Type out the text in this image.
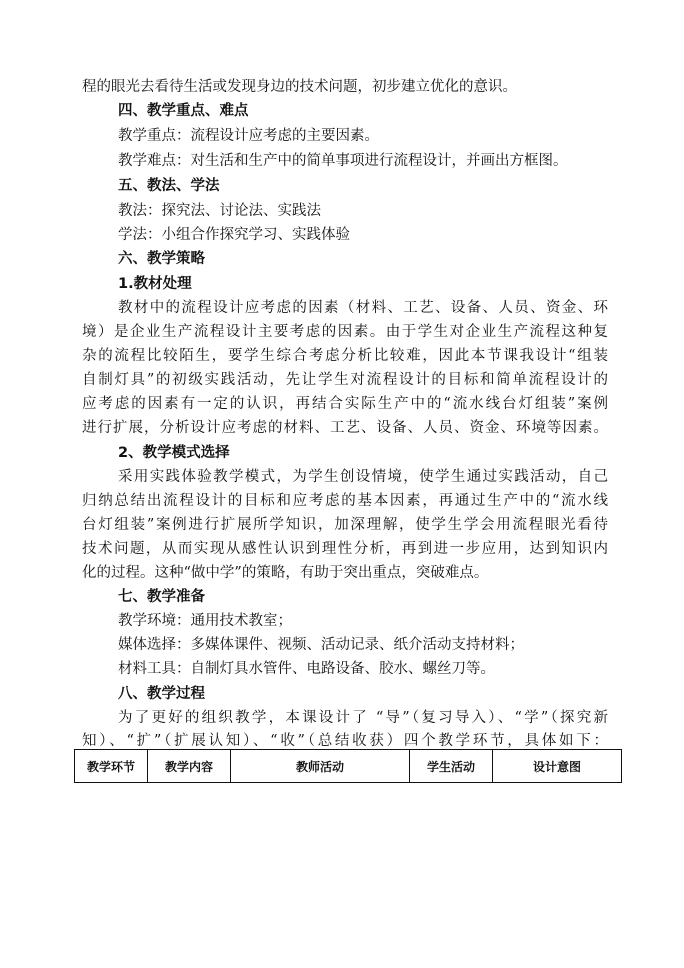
程的眼光去看待生活或发现身边的技术问题，初步建立优化的意识。
四、教学重点、难点
教学重点：流程设计应考虑的主要因素。
教学难点：对生活和生产中的简单事项进行流程设计，并画出方框图。
五、教法、学法
教法：探究法、讨论法、实践法
学法：小组合作探究学习、实践体验
六、教学策略
1.教材处理
教材中的流程设计应考虑的因素（材料、工艺、设备、人员、资金、环
境）是企业生产流程设计主要考虑的因素。由于学生对企业生产流程这种复
杂的流程比较陌生，要学生综合考虑分析比较难，因此本节课我设计“组装
自制灯具”的初级实践活动，先让学生对流程设计的目标和简单流程设计的
应考虑的因素有一定的认识，再结合实际生产中的“流水线台灯组装”案例
进行扩展，分析设计应考虑的材料、工艺、设备、人员、资金、环境等因素。
2、教学模式选择
采用实践体验教学模式，为学生创设情境，使学生通过实践活动，自己
归纳总结出流程设计的目标和应考虑的基本因素，再通过生产中的“流水线
台灯组装”案例进行扩展所学知识，加深理解，使学生学会用流程眼光看待
技术问题，从而实现从感性认识到理性分析，再到进一步应用，达到知识内
化的过程。这种“做中学”的策略，有助于突出重点，突破难点。
七、教学准备
教学环境：通用技术教室；
媒体选择：多媒体课件、视频、活动记录、纸介活动支持材料；
材料工具：自制灯具水管件、电路设备、胶水、螺丝刀等。
八、教学过程
为了更好的组织教学，本课设计了 “导”（复习导入）、“学”（探究新
知）、“扩”（扩展认知）、“收”（总结收获）四个教学环节，具体如下：
教学环节	教学内容	教师活动	学生活动	设计意图
